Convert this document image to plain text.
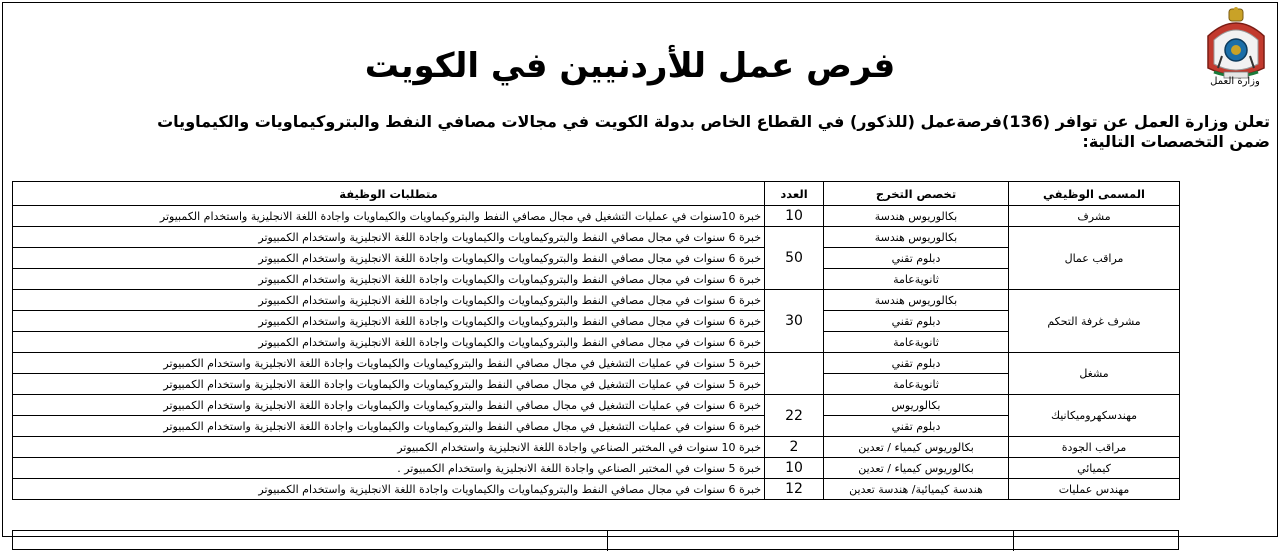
وزارة العمل
فرص عمل للأردنيين في الكويت
تعلن وزارة العمل عن توافر (136)فرصةعمل (للذكور) في القطاع الخاص بدولة الكويت في مجالات مصافي النفط والبتروكيماويات والكيماويات
ضمن التخصصات التالية:
المسمى الوظيفي	تخصص التخرج	العدد	متطلبات الوظيفة
مشرف	بكالوريوس هندسة	10	خبرة 10سنوات في عمليات التشغيل في مجال مصافي النفط والبتروكيماويات والكيماويات واجادة اللغة الانجليزية واستخدام الكمبيوتر
مراقب عمال	بكالوريوس هندسة	50	خبرة 6 سنوات في مجال مصافي النفط والبتروكيماويات والكيماويات واجادة اللغة الانجليزية واستخدام الكمبيوتر
	دبلوم تقني		خبرة 6 سنوات في مجال مصافي النفط والبتروكيماويات والكيماويات واجادة اللغة الانجليزية واستخدام الكمبيوتر
	ثانويةعامة		خبرة 6 سنوات في مجال مصافي النفط والبتروكيماويات والكيماويات واجادة اللغة الانجليزية واستخدام الكمبيوتر
مشرف غرفة التحكم	بكالوريوس هندسة	30	خبرة 6 سنوات في مجال مصافي النفط والبتروكيماويات والكيماويات واجادة اللغة الانجليزية واستخدام الكمبيوتر
	دبلوم تقني		خبرة 6 سنوات في مجال مصافي النفط والبتروكيماويات والكيماويات واجادة اللغة الانجليزية واستخدام الكمبيوتر
	ثانويةعامة		خبرة 6 سنوات في مجال مصافي النفط والبتروكيماويات والكيماويات واجادة اللغة الانجليزية واستخدام الكمبيوتر
مشغل	دبلوم تقني		خبرة 5 سنوات في عمليات التشغيل في مجال مصافي النفط والبتروكيماويات والكيماويات واجادة اللغة الانجليزية واستخدام الكمبيوتر
	ثانويةعامة		خبرة 5 سنوات في عمليات التشغيل في مجال مصافي النفط والبتروكيماويات والكيماويات واجادة اللغة الانجليزية واستخدام الكمبيوتر
مهندسكهروميكانيك	بكالوريوس	22	خبرة 6 سنوات في عمليات التشغيل في مجال مصافي النفط والبتروكيماويات والكيماويات واجادة اللغة الانجليزية واستخدام الكمبيوتر
	دبلوم تقني		خبرة 6 سنوات في عمليات التشغيل في مجال مصافي النفط والبتروكيماويات والكيماويات واجادة اللغة الانجليزية واستخدام الكمبيوتر
مراقب الجودة	بكالوريوس كيمياء / تعدين	2	خبرة 10 سنوات في المختبر الصناعي واجادة اللغة الانجليزية واستخدام الكمبيوتر
كيميائي	بكالوريوس كيمياء / تعدين	10	خبرة 5 سنوات في المختبر الصناعي واجادة اللغة الانجليزية واستخدام الكمبيوتر .
مهندس عمليات	هندسة كيميائية/ هندسة تعدين	12	خبرة 6 سنوات في مجال مصافي النفط والبتروكيماويات والكيماويات واجادة اللغة الانجليزية واستخدام الكمبيوتر
